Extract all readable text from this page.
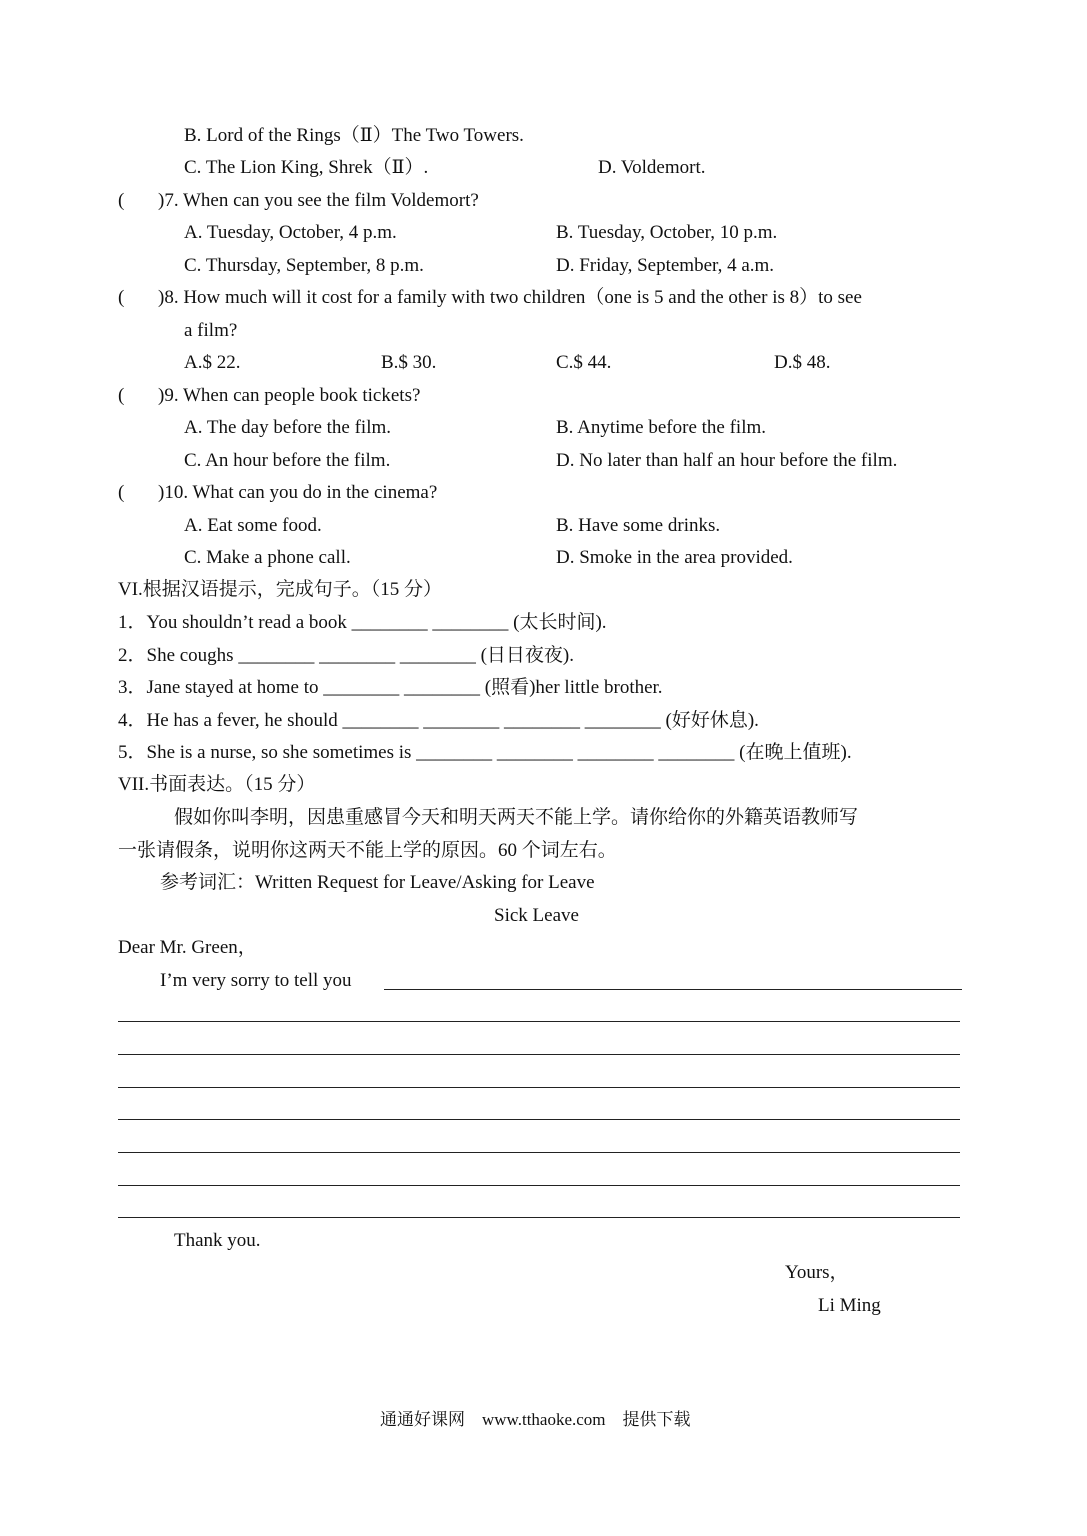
B. Lord of the Rings（Ⅱ）The Two Towers.
C. The Lion King, Shrek（Ⅱ）.	D. Voldemort.
( )7. When can you see the film Voldemort?
A. Tuesday, October, 4 p.m.	B. Tuesday, October, 10 p.m.
C. Thursday, September, 8 p.m.	D. Friday, September, 4 a.m.
( )8. How much will it cost for a family with two children（one is 5 and the other is 8）to see
a film?
A.$ 22.	B.$ 30.	C.$ 44.	D.$ 48.
( )9. When can people book tickets?
A. The day before the film.	B. Anytime before the film.
C. An hour before the film.	D. No later than half an hour before the film.
( )10. What can you do in the cinema?
A. Eat some food.	B. Have some drinks.
C. Make a phone call.	D. Smoke in the area provided.
VI.根据汉语提示，完成句子。（15 分）
1．You shouldn’t read a book ________ ________ (太长时间).
2．She coughs ________ ________ ________ (日日夜夜).
3．Jane stayed at home to ________ ________ (照看)her little brother.
4．He has a fever, he should ________ ________ ________ ________ (好好休息).
5．She is a nurse, so she sometimes is ________ ________ ________ ________ (在晚上值班).
VII.书面表达。（15 分）
假如你叫李明，因患重感冒今天和明天两天不能上学。请你给你的外籍英语教师写
一张请假条，说明你这两天不能上学的原因。60 个词左右。
参考词汇：Written Request for Leave/Asking for Leave
Sick Leave
Dear Mr. Green，
I’m very sorry to tell you
Thank you.
Yours，
Li Ming
通通好课网　www.tthaoke.com　提供下载
